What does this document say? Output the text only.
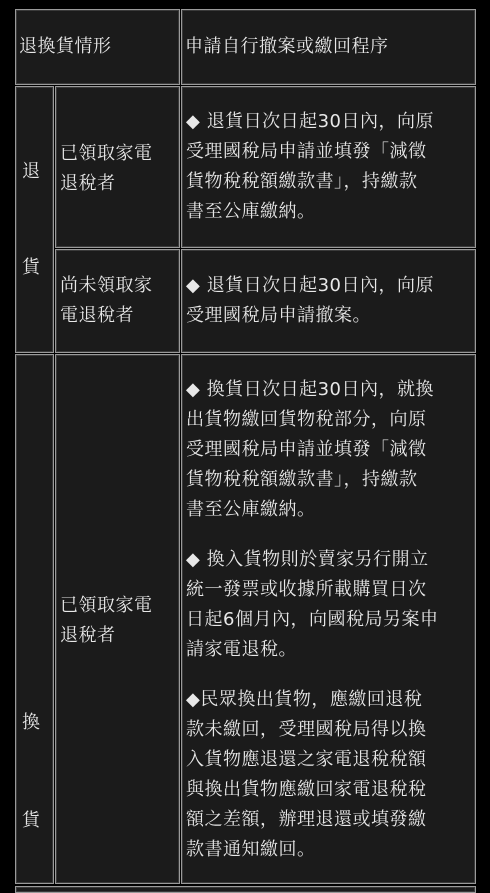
退換貨情形	申請自行撤案或繳回程序
退
貨
已領取家電
退稅者
◆ 退貨日次日起30日內，向原
受理國稅局申請並填發「減徵
貨物稅稅額繳款書」，持繳款
書至公庫繳納。
尚未領取家
電退稅者
◆ 退貨日次日起30日內，向原
受理國稅局申請撤案。
換
貨
已領取家電
退稅者
◆ 換貨日次日起30日內，就換
出貨物繳回貨物稅部分，向原
受理國稅局申請並填發「減徵
貨物稅稅額繳款書」，持繳款
書至公庫繳納。
◆ 換入貨物則於賣家另行開立
統一發票或收據所載購買日次
日起6個月內，向國稅局另案申
請家電退稅。
◆民眾換出貨物，應繳回退稅
款未繳回，受理國稅局得以換
入貨物應退還之家電退稅稅額
與換出貨物應繳回家電退稅稅
額之差額，辦理退還或填發繳
款書通知繳回。
